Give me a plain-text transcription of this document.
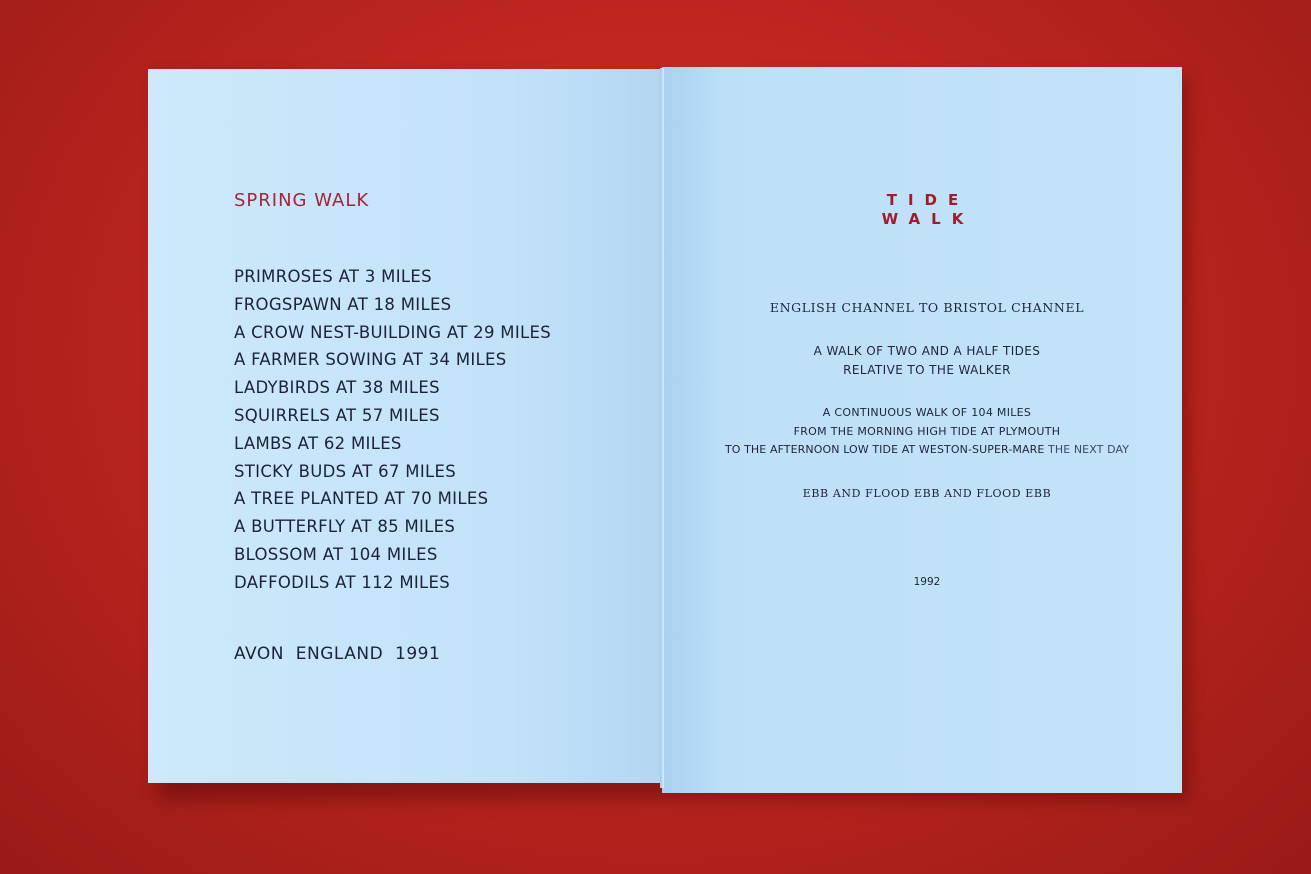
SPRING WALK
PRIMROSES AT 3 MILES
FROGSPAWN AT 18 MILES
A CROW NEST-BUILDING AT 29 MILES
A FARMER SOWING AT 34 MILES
LADYBIRDS AT 38 MILES
SQUIRRELS AT 57 MILES
LAMBS AT 62 MILES
STICKY BUDS AT 67 MILES
A TREE PLANTED AT 70 MILES
A BUTTERFLY AT 85 MILES
BLOSSOM AT 104 MILES
DAFFODILS AT 112 MILES
AVON  ENGLAND  1991
TIDE
WALK
ENGLISH CHANNEL TO BRISTOL CHANNEL
A WALK OF TWO AND A HALF TIDES
RELATIVE TO THE WALKER
A CONTINUOUS WALK OF 104 MILES
FROM THE MORNING HIGH TIDE AT PLYMOUTH
TO THE AFTERNOON LOW TIDE AT WESTON-SUPER-MARE THE NEXT DAY
EBB AND FLOOD EBB AND FLOOD EBB
1992
